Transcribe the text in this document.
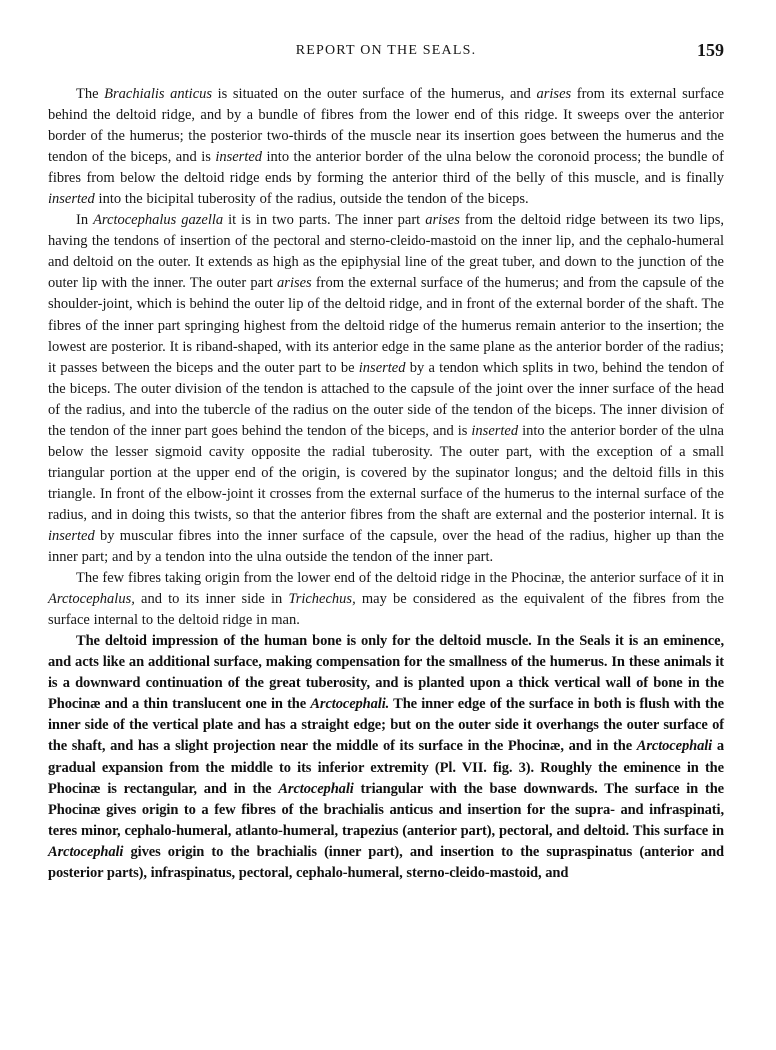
REPORT ON THE SEALS.	159

The Brachialis anticus is situated on the outer surface of the humerus, and arises from its external surface behind the deltoid ridge, and by a bundle of fibres from the lower end of this ridge. It sweeps over the anterior border of the humerus; the posterior two-thirds of the muscle near its insertion goes between the humerus and the tendon of the biceps, and is inserted into the anterior border of the ulna below the coronoid process; the bundle of fibres from below the deltoid ridge ends by forming the anterior third of the belly of this muscle, and is finally inserted into the bicipital tuberosity of the radius, outside the tendon of the biceps.

In Arctocephalus gazella it is in two parts. The inner part arises from the deltoid ridge between its two lips, having the tendons of insertion of the pectoral and sterno-cleido-mastoid on the inner lip, and the cephalo-humeral and deltoid on the outer. It extends as high as the epiphysial line of the great tuber, and down to the junction of the outer lip with the inner. The outer part arises from the external surface of the humerus; and from the capsule of the shoulder-joint, which is behind the outer lip of the deltoid ridge, and in front of the external border of the shaft. The fibres of the inner part springing highest from the deltoid ridge of the humerus remain anterior to the insertion; the lowest are posterior. It is riband-shaped, with its anterior edge in the same plane as the anterior border of the radius; it passes between the biceps and the outer part to be inserted by a tendon which splits in two, behind the tendon of the biceps. The outer division of the tendon is attached to the capsule of the joint over the inner surface of the head of the radius, and into the tubercle of the radius on the outer side of the tendon of the biceps. The inner division of the tendon of the inner part goes behind the tendon of the biceps, and is inserted into the anterior border of the ulna below the lesser sigmoid cavity opposite the radial tuberosity. The outer part, with the exception of a small triangular portion at the upper end of the origin, is covered by the supinator longus; and the deltoid fills in this triangle. In front of the elbow-joint it crosses from the external surface of the humerus to the internal surface of the radius, and in doing this twists, so that the anterior fibres from the shaft are external and the posterior internal. It is inserted by muscular fibres into the inner surface of the capsule, over the head of the radius, higher up than the inner part; and by a tendon into the ulna outside the tendon of the inner part.

The few fibres taking origin from the lower end of the deltoid ridge in the Phocinæ, the anterior surface of it in Arctocephalus, and to its inner side in Trichechus, may be considered as the equivalent of the fibres from the surface internal to the deltoid ridge in man.

The deltoid impression of the human bone is only for the deltoid muscle. In the Seals it is an eminence, and acts like an additional surface, making compensation for the smallness of the humerus. In these animals it is a downward continuation of the great tuberosity, and is planted upon a thick vertical wall of bone in the Phocinæ and a thin translucent one in the Arctocephali. The inner edge of the surface in both is flush with the inner side of the vertical plate and has a straight edge; but on the outer side it overhangs the outer surface of the shaft, and has a slight projection near the middle of its surface in the Phocinæ, and in the Arctocephali a gradual expansion from the middle to its inferior extremity (Pl. VII. fig. 3). Roughly the eminence in the Phocinæ is rectangular, and in the Arctocephali triangular with the base downwards. The surface in the Phocinæ gives origin to a few fibres of the brachialis anticus and insertion for the supra- and infraspinati, teres minor, cephalo-humeral, atlanto-humeral, trapezius (anterior part), pectoral, and deltoid. This surface in Arctocephali gives origin to the brachialis (inner part), and insertion to the supraspinatus (anterior and posterior parts), infraspinatus, pectoral, cephalo-humeral, sterno-cleido-mastoid, and
